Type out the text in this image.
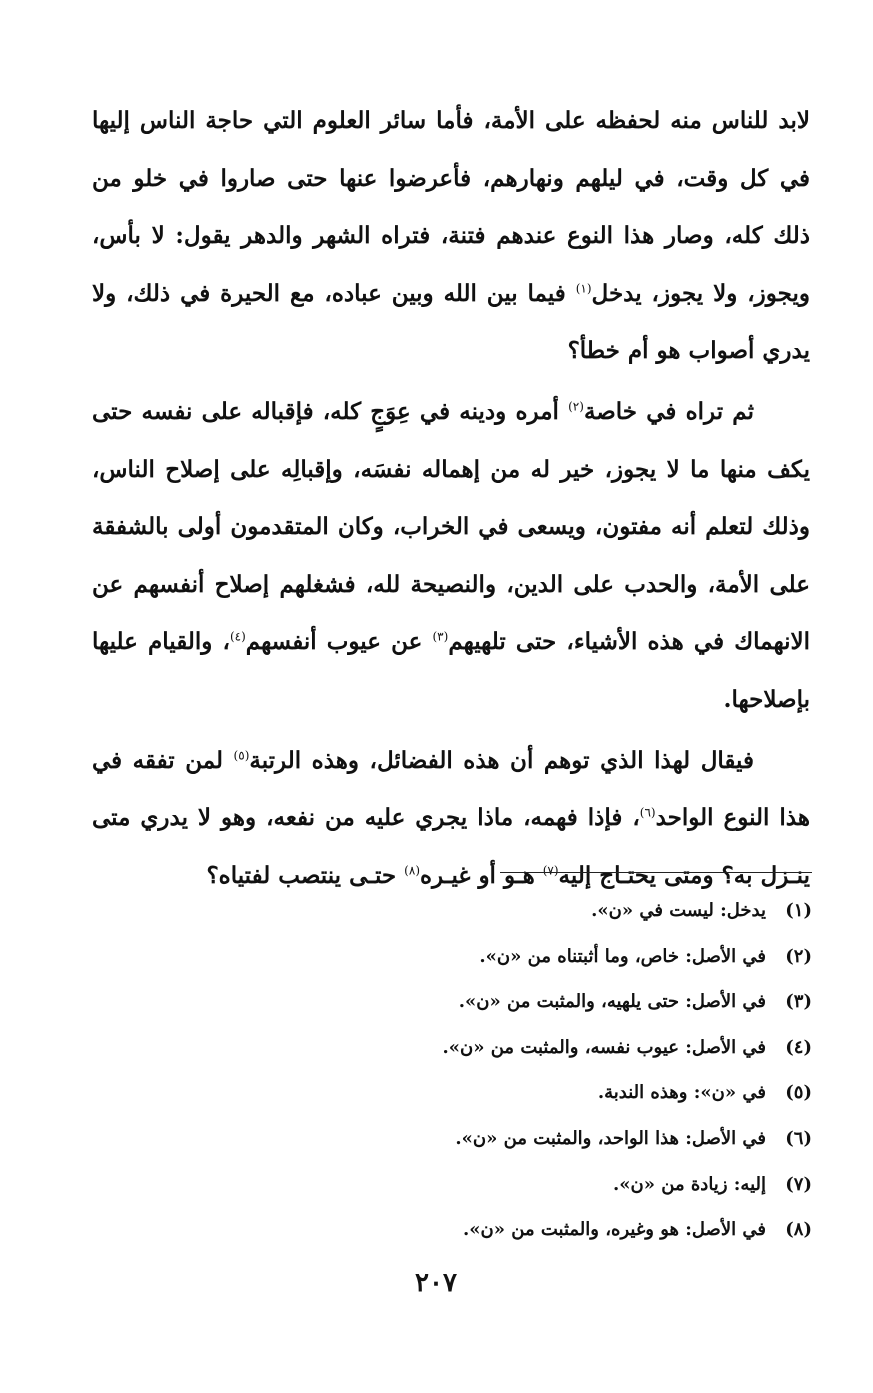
لابد للناس منه لحفظه على الأمة، فأما سائر العلوم التي حاجة الناس إليها في كل وقت، في ليلهم ونهارهم، فأعرضوا عنها حتى صاروا في خلو من ذلك كله، وصار هذا النوع عندهم فتنة، فتراه الشهر والدهر يقول: لا بأس، ويجوز، ولا يجوز، يدخل$^{(١)}$ فيما بين الله وبين عباده، مع الحيرة في ذلك، ولا يدري أصواب هو أم خطأ؟

ثم تراه في خاصة$^{(٢)}$ أمره ودينه في عِوَجٍ كله، فإقباله على نفسه حتى يكف منها ما لا يجوز، خير له من إهماله نفسَه، وإقبالِه على إصلاح الناس، وذلك لتعلم أنه مفتون، ويسعى في الخراب، وكان المتقدمون أولى بالشفقة على الأمة، والحدب على الدين، والنصيحة لله، فشغلهم إصلاح أنفسهم عن الانهماك في هذه الأشياء، حتى تلهيهم$^{(٣)}$ عن عيوب أنفسهم$^{(٤)}$، والقيام عليها بإصلاحها.

فيقال لهذا الذي توهم أن هذه الفضائل، وهذه الرتبة$^{(٥)}$ لمن تفقه في هذا النوع الواحد$^{(٦)}$، فإذا فهمه، ماذا يجري عليه من نفعه، وهو لا يدري متى ينـزل به؟ ومتى يحتـاج إليه$^{(٧)}$ هـو أو غيـره$^{(٨)}$ حتـى ينتصب لفتياه؟

(١)
يدخل: ليست في «ن».
(٢)
في الأصل: خاص، وما أثبتناه من «ن».
(٣)
في الأصل: حتى يلهيه، والمثبت من «ن».
(٤)
في الأصل: عيوب نفسه، والمثبت من «ن».
(٥)
في «ن»: وهذه الندبة.
(٦)
في الأصل: هذا الواحد، والمثبت من «ن».
(٧)
إليه: زيادة من «ن».
(٨)
في الأصل: هو وغيره، والمثبت من «ن».
٢٠٧
